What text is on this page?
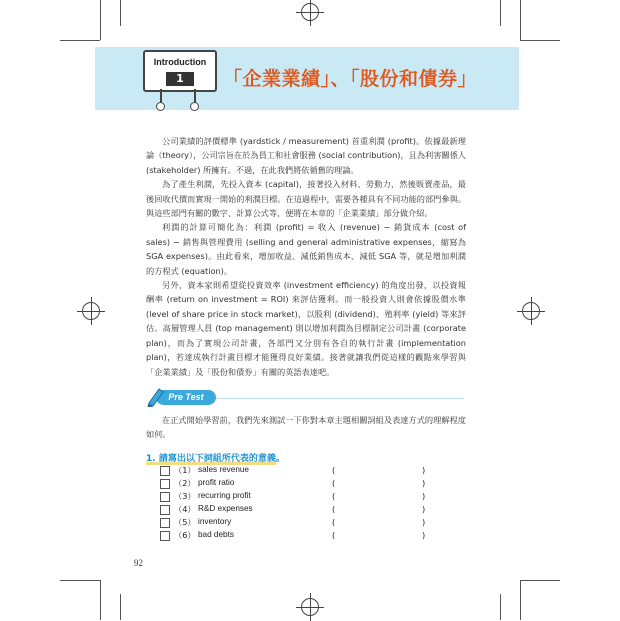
Introduction
1	「企業業績」、「股份和債券」

公司業績的評價標準 (yardstick / measurement) 首重利潤 (profit)。依據最新理論（theory），公司宗旨在於為員工和社會服務 (social contribution)，且為利害關係人 (stakeholder) 所擁有。不過，在此我們將依循舊的理論。

為了產生利潤，先投入資本 (capital)，接著投入材料、勞動力，然後販賣產品，最後回收代價而實現一開始的利潤目標。在這過程中，需要各種具有不同功能的部門參與。與這些部門有關的數字、計算公式等，便將在本章的「企業業績」部分做介紹。

利潤的計算可簡化為：利潤 (profit) = 收入 (revenue) − 銷貨成本 (cost of sales) − 銷售與管理費用 (selling and general administrative expenses，縮寫為 SGA expenses)。由此看來，增加收益、減低銷售成本、減低 SGA 等，就是增加利潤的方程式 (equation)。

另外，資本家則希望從投資效率 (investment efficiency) 的角度出發，以投資報酬率 (return on investment = ROI) 來評估獲利。而一般投資人則會依據股價水準 (level of share price in stock market)，以股利 (dividend)、殖利率 (yield) 等來評估。高層管理人員 (top management) 則以增加利潤為目標制定公司計畫 (corporate plan)，而為了實現公司計畫，各部門又分別有各自的執行計畫 (implementation plan)，若達成執行計畫目標才能獲得良好業績。接著就讓我們從這樣的觀點來學習與「企業業績」及「股份和債券」有關的英語表達吧。

Pre Test

在正式開始學習前，我們先來測試一下你對本章主題相關詞組及表達方式的理解程度如何。

1. 請寫出以下詞組所代表的意義。
（1） sales revenue	(	)
（2） profit ratio	(	)
（3） recurring profit	(	)
（4） R&D expenses	(	)
（5） inventory	(	)
（6） bad debts	(	)
92
